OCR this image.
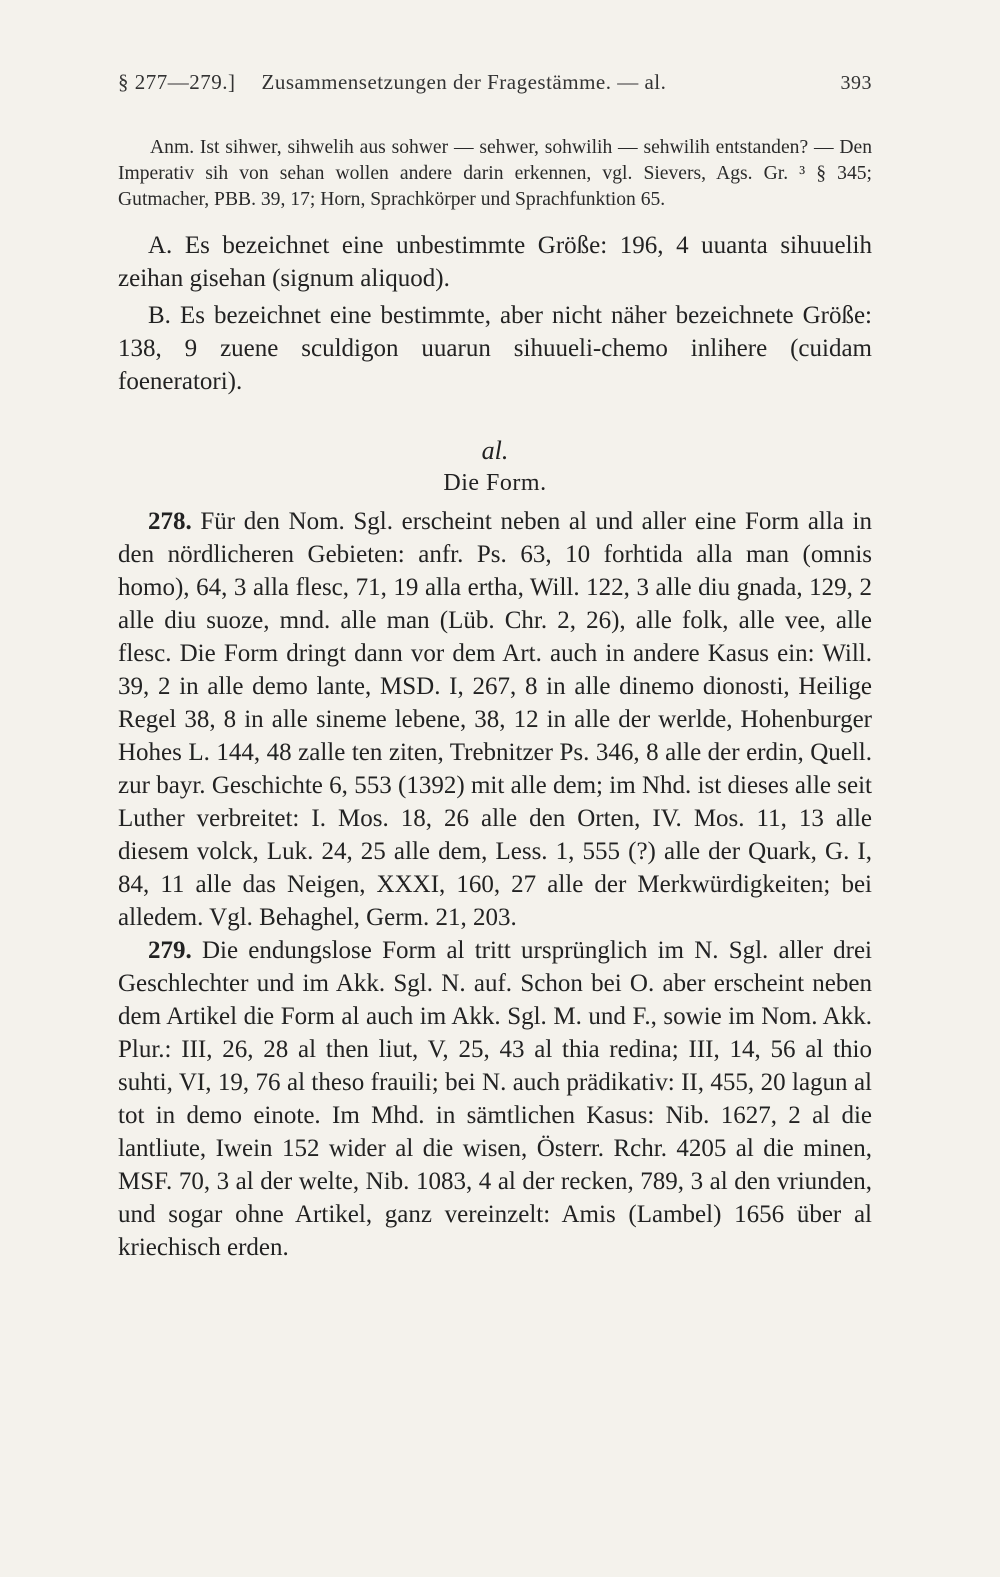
§ 277—279.] Zusammensetzungen der Fragestämme. — al.	393

Anm. Ist sihwer, sihwelih aus sohwer — sehwer, sohwilih — sehwilih entstanden? — Den Imperativ sih von sehan wollen andere darin erkennen, vgl. Sievers, Ags. Gr. ³ § 345; Gutmacher, PBB. 39, 17; Horn, Sprachkörper und Sprachfunktion 65.

A. Es bezeichnet eine unbestimmte Größe: 196, 4 uuanta sihuuelih zeihan gisehan (signum aliquod).

B. Es bezeichnet eine bestimmte, aber nicht näher bezeichnete Größe: 138, 9 zuene sculdigon uuarun sihuueli-chemo inlihere (cuidam foeneratori).

al.
Die Form.

278. Für den Nom. Sgl. erscheint neben al und aller eine Form alla in den nördlicheren Gebieten: anfr. Ps. 63, 10 forhtida alla man (omnis homo), 64, 3 alla flesc, 71, 19 alla ertha, Will. 122, 3 alle diu gnada, 129, 2 alle diu suoze, mnd. alle man (Lüb. Chr. 2, 26), alle folk, alle vee, alle flesc. Die Form dringt dann vor dem Art. auch in andere Kasus ein: Will. 39, 2 in alle demo lante, MSD. I, 267, 8 in alle dinemo dionosti, Heilige Regel 38, 8 in alle sineme lebene, 38, 12 in alle der werlde, Hohenburger Hohes L. 144, 48 zalle ten ziten, Trebnitzer Ps. 346, 8 alle der erdin, Quell. zur bayr. Geschichte 6, 553 (1392) mit alle dem; im Nhd. ist dieses alle seit Luther verbreitet: I. Mos. 18, 26 alle den Orten, IV. Mos. 11, 13 alle diesem volck, Luk. 24, 25 alle dem, Less. 1, 555 (?) alle der Quark, G. I, 84, 11 alle das Neigen, XXXI, 160, 27 alle der Merkwürdigkeiten; bei alledem. Vgl. Behaghel, Germ. 21, 203.

279. Die endungslose Form al tritt ursprünglich im N. Sgl. aller drei Geschlechter und im Akk. Sgl. N. auf. Schon bei O. aber erscheint neben dem Artikel die Form al auch im Akk. Sgl. M. und F., sowie im Nom. Akk. Plur.: III, 26, 28 al then liut, V, 25, 43 al thia redina; III, 14, 56 al thio suhti, VI, 19, 76 al theso frauili; bei N. auch prädikativ: II, 455, 20 lagun al tot in demo einote. Im Mhd. in sämtlichen Kasus: Nib. 1627, 2 al die lantliute, Iwein 152 wider al die wisen, Österr. Rchr. 4205 al die minen, MSF. 70, 3 al der welte, Nib. 1083, 4 al der recken, 789, 3 al den vriunden, und sogar ohne Artikel, ganz vereinzelt: Amis (Lambel) 1656 über al kriechisch erden.
